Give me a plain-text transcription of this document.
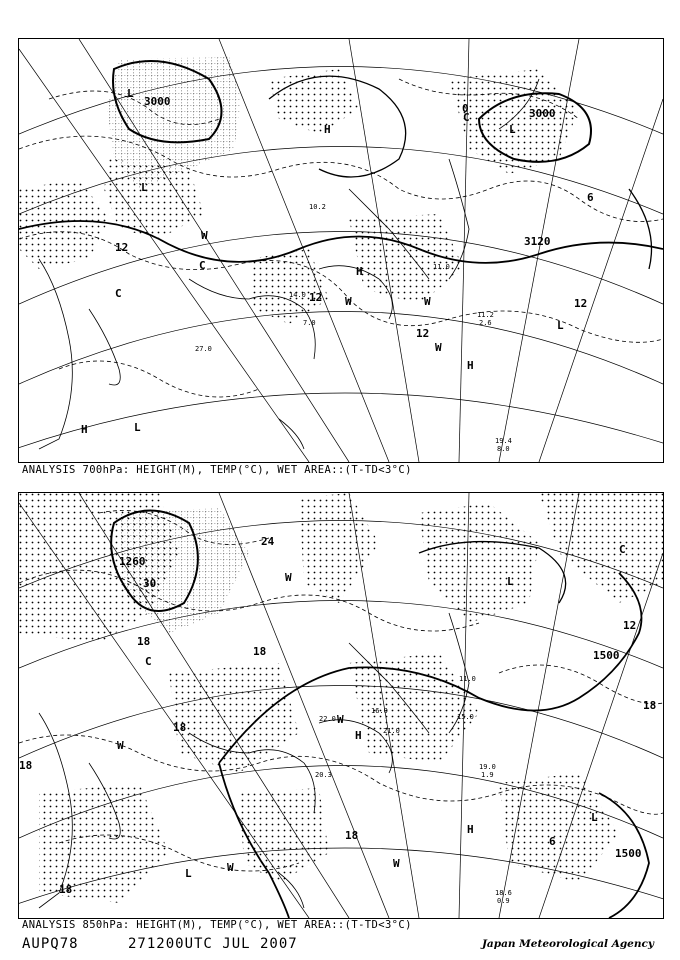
3000
3000
3120
12
12
12
12
0
6
H
H
H
H
L
L
L
L
L
W
W	W
W
C
C
C
11.2
2.6
19.4
8.0
14.0
10.2
7.0
27.0
11.0
ANALYSIS 700hPa: HEIGHT(M), TEMP(°C), WET AREA::(T-TD<3°C)
1500
1500
1260
24
30
18
18
18
18
18
18
18
12
6
H
H
W
W
W
W	W
L
L
L
C
C
19.0
1.9
18.6
0.9
20.3
16.0
22.0	15.0
21.0
11.0
ANALYSIS 850hPa: HEIGHT(M), TEMP(°C), WET AREA::(T-TD<3°C)
AUPQ78	271200UTC JUL 2007	Japan Meteorological Agency
